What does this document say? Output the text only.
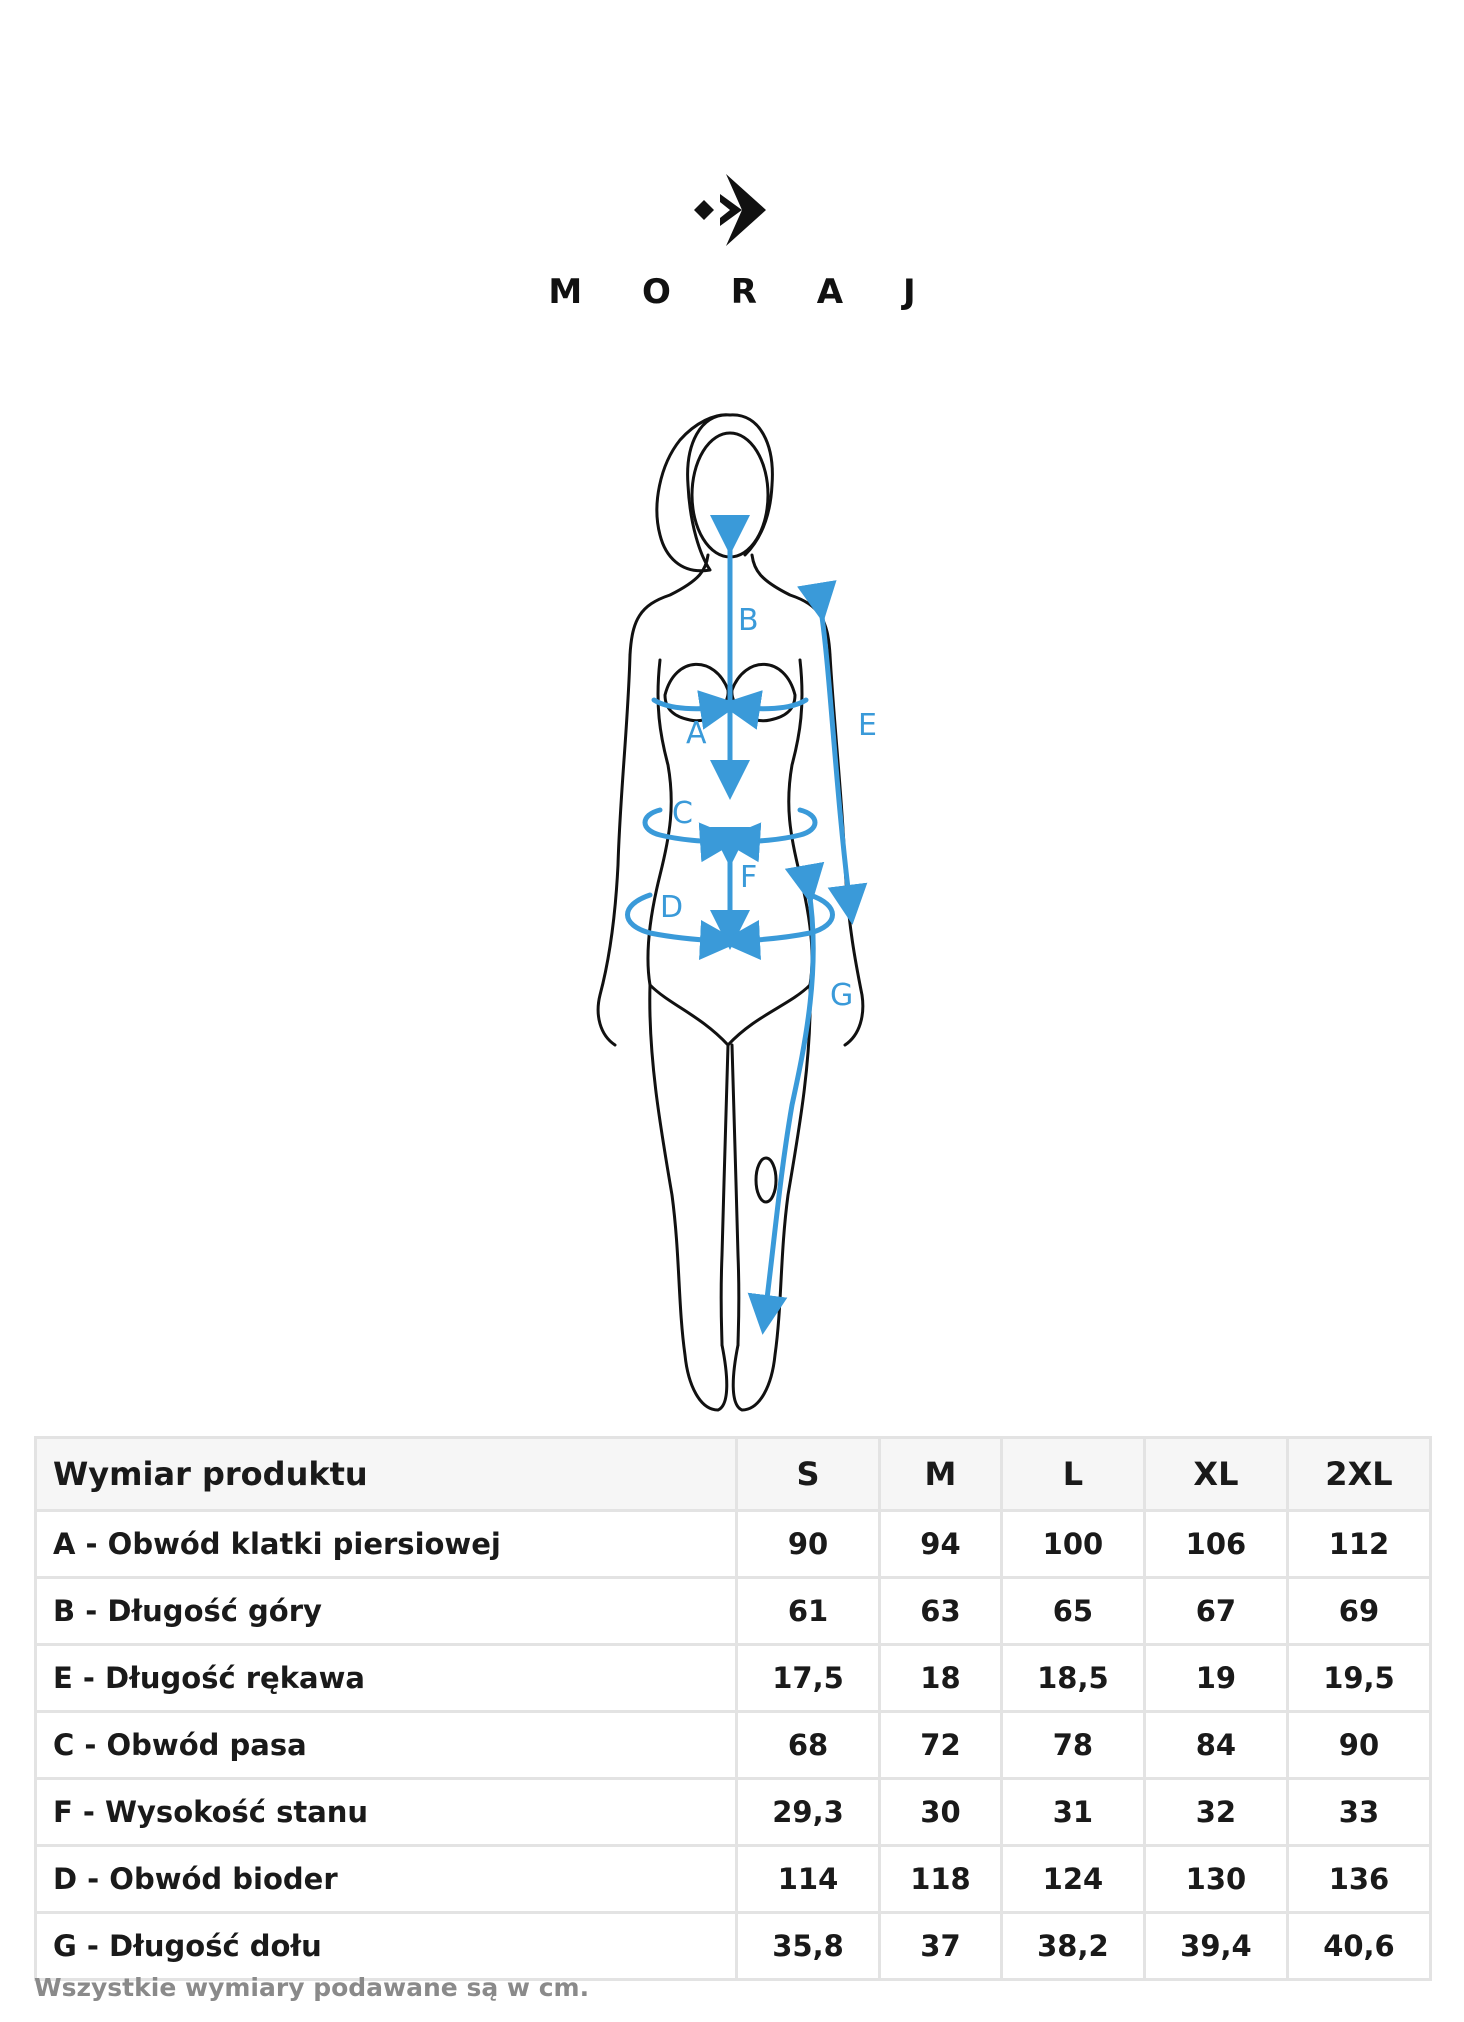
M O R A J
B
A	E
C
F
D
G
Wymiar produktu	S	M	L	XL	2XL
A - Obwód klatki piersiowej	90	94	100	106	112
B - Długość góry	61	63	65	67	69
E - Długość rękawa	17,5	18	18,5	19	19,5
C - Obwód pasa	68	72	78	84	90
F - Wysokość stanu	29,3	30	31	32	33
D - Obwód bioder	114	118	124	130	136
G - Długość dołu	35,8	37	38,2	39,4	40,6
Wszystkie wymiary podawane są w cm.
